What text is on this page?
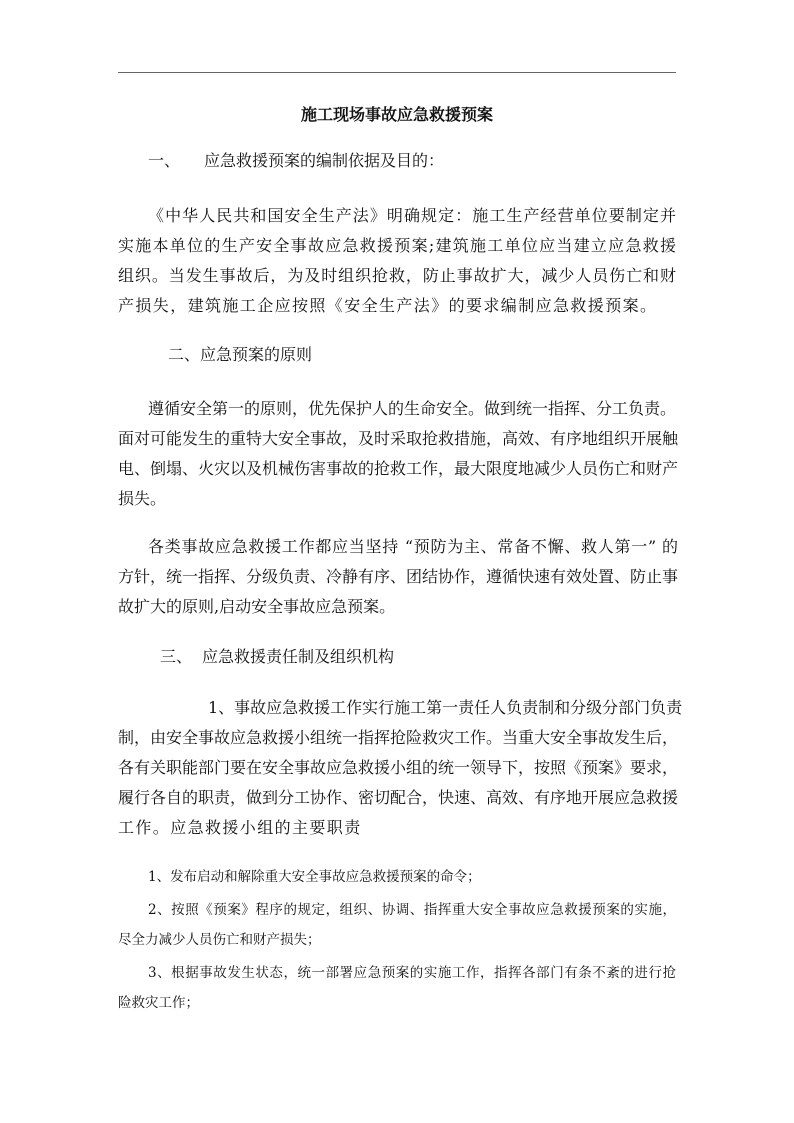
施工现场事故应急救援预案
一、 应急救援预案的编制依据及目的：
《中华人民共和国安全生产法》明确规定：施工生产经营单位要制定并
实施本单位的生产安全事故应急救援预案;建筑施工单位应当建立应急救援
组织。当发生事故后，为及时组织抢救，防止事故扩大，减少人员伤亡和财
产损失，建筑施工企应按照《安全生产法》的要求编制应急救援预案。
二、应急预案的原则
遵循安全第一的原则，优先保护人的生命安全。做到统一指挥、分工负责。
面对可能发生的重特大安全事故，及时采取抢救措施，高效、有序地组织开展触
电、倒塌、火灾以及机械伤害事故的抢救工作，最大限度地减少人员伤亡和财产
损失。
各类事故应急救援工作都应当坚持 “预防为主、常备不懈、救人第一” 的
方针，统一指挥、分级负责、冷静有序、团结协作，遵循快速有效处置、防止事
故扩大的原则,启动安全事故应急预案。
三、 应急救援责任制及组织机构
1、事故应急救援工作实行施工第一责任人负责制和分级分部门负责
制，由安全事故应急救援小组统一指挥抢险救灾工作。当重大安全事故发生后，
各有关职能部门要在安全事故应急救援小组的统一领导下，按照《预案》要求，
履行各自的职责，做到分工协作、密切配合，快速、高效、有序地开展应急救援
工作。应急救援小组的主要职责
1、发布启动和解除重大安全事故应急救援预案的命令；
2、按照《预案》程序的规定，组织、协调、指挥重大安全事故应急救援预案的实施，
尽全力减少人员伤亡和财产损失；
3、根据事故发生状态，统一部署应急预案的实施工作，指挥各部门有条不紊的进行抢
险救灾工作；
